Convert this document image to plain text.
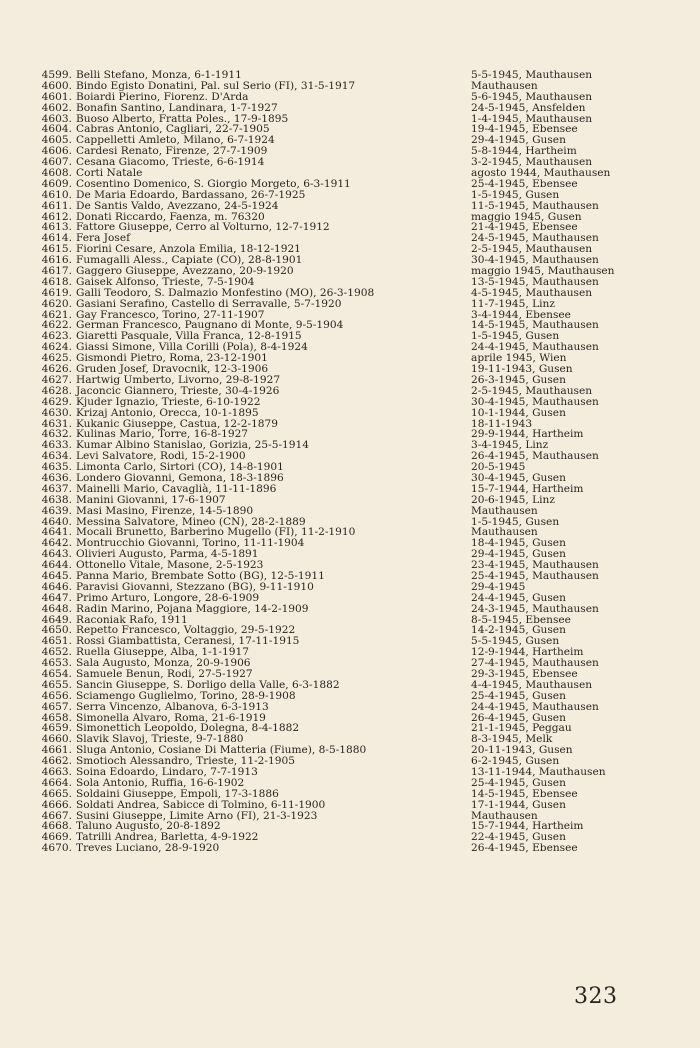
4599. Belli Stefano, Monza, 6-1-1911	5-5-1945, Mauthausen
4600. Bindo Egisto Donatini, Pal. sul Serio (FI), 31-5-1917	Mauthausen
4601. Boiardi Pierino, Fiorenz. D'Arda	5-6-1945, Mauthausen
4602. Bonafin Santino, Landinara, 1-7-1927	24-5-1945, Ansfelden
4603. Buoso Alberto, Fratta Poles., 17-9-1895	1-4-1945, Mauthausen
4604. Cabras Antonio, Cagliari, 22-7-1905	19-4-1945, Ebensee
4605. Cappelletti Amleto, Milano, 6-7-1924	29-4-1945, Gusen
4606. Cardesi Renato, Firenze, 27-7-1909	5-8-1944, Hartheim
4607. Cesana Giacomo, Trieste, 6-6-1914	3-2-1945, Mauthausen
4608. Corti Natale	agosto 1944, Mauthausen
4609. Cosentino Domenico, S. Giorgio Morgeto, 6-3-1911	25-4-1945, Ebensee
4610. De Maria Edoardo, Bardassano, 26-7-1925	1-5-1945, Gusen
4611. De Santis Valdo, Avezzano, 24-5-1924	11-5-1945, Mauthausen
4612. Donati Riccardo, Faenza, m. 76320	maggio 1945, Gusen
4613. Fattore Giuseppe, Cerro al Volturno, 12-7-1912	21-4-1945, Ebensee
4614. Fera Josef	24-5-1945, Mauthausen
4615. Fiorini Cesare, Anzola Emilia, 18-12-1921	2-5-1945, Mauthausen
4616. Fumagalli Aless., Capiate (CO), 28-8-1901	30-4-1945, Mauthausen
4617. Gaggero Giuseppe, Avezzano, 20-9-1920	maggio 1945, Mauthausen
4618. Gaisek Alfonso, Trieste, 7-5-1904	13-5-1945, Mauthausen
4619. Galli Teodoro, S. Dalmazio Monfestino (MO), 26-3-1908	4-5-1945, Mauthausen
4620. Gasiani Serafino, Castello di Serravalle, 5-7-1920	11-7-1945, Linz
4621. Gay Francesco, Torino, 27-11-1907	3-4-1944, Ebensee
4622. German Francesco, Paugnano di Monte, 9-5-1904	14-5-1945, Mauthausen
4623. Giaretti Pasquale, Villa Franca, 12-8-1915	1-5-1945, Gusen
4624. Giassi Simone, Villa Corilli (Pola), 8-4-1924	24-4-1945, Mauthausen
4625. Gismondi Pietro, Roma, 23-12-1901	aprile 1945, Wien
4626. Gruden Josef, Dravocnik, 12-3-1906	19-11-1943, Gusen
4627. Hartwig Umberto, Livorno, 29-8-1927	26-3-1945, Gusen
4628. Jaconcic Giannero, Trieste, 30-4-1926	2-5-1945, Mauthausen
4629. Kjuder Ignazio, Trieste, 6-10-1922	30-4-1945, Mauthausen
4630. Krizaj Antonio, Orecca, 10-1-1895	10-1-1944, Gusen
4631. Kukanic Giuseppe, Castua, 12-2-1879	18-11-1943
4632. Kulinas Mario, Torre, 16-8-1927	29-9-1944, Hartheim
4633. Kumar Albino Stanislao, Gorizia, 25-5-1914	3-4-1945, Linz
4634. Levi Salvatore, Rodi, 15-2-1900	26-4-1945, Mauthausen
4635. Limonta Carlo, Sirtori (CO), 14-8-1901	20-5-1945
4636. Londero Giovanni, Gemona, 18-3-1896	30-4-1945, Gusen
4637. Mainelli Mario, Cavaglià, 11-11-1896	15-7-1944, Hartheim
4638. Manini Giovanni, 17-6-1907	20-6-1945, Linz
4639. Masi Masino, Firenze, 14-5-1890	Mauthausen
4640. Messina Salvatore, Mineo (CN), 28-2-1889	1-5-1945, Gusen
4641. Mocali Brunetto, Barberino Mugello (FI), 11-2-1910	Mauthausen
4642. Montrucchio Giovanni, Torino, 11-11-1904	18-4-1945, Gusen
4643. Olivieri Augusto, Parma, 4-5-1891	29-4-1945, Gusen
4644. Ottonello Vitale, Masone, 2-5-1923	23-4-1945, Mauthausen
4645. Panna Mario, Brembate Sotto (BG), 12-5-1911	25-4-1945, Mauthausen
4646. Paravisi Giovanni, Stezzano (BG), 9-11-1910	29-4-1945
4647. Primo Arturo, Longore, 28-6-1909	24-4-1945, Gusen
4648. Radin Marino, Pojana Maggiore, 14-2-1909	24-3-1945, Mauthausen
4649. Raconiak Rafo, 1911	8-5-1945, Ebensee
4650. Repetto Francesco, Voltaggio, 29-5-1922	14-2-1945, Gusen
4651. Rossi Giambattista, Ceranesi, 17-11-1915	5-5-1945, Gusen
4652. Ruella Giuseppe, Alba, 1-1-1917	12-9-1944, Hartheim
4653. Sala Augusto, Monza, 20-9-1906	27-4-1945, Mauthausen
4654. Samuele Benun, Rodi, 27-5-1927	29-3-1945, Ebensee
4655. Sancin Giuseppe, S. Dorligo della Valle, 6-3-1882	4-4-1945, Mauthausen
4656. Sciamengo Guglielmo, Torino, 28-9-1908	25-4-1945, Gusen
4657. Serra Vincenzo, Albanova, 6-3-1913	24-4-1945, Mauthausen
4658. Simonella Alvaro, Roma, 21-6-1919	26-4-1945, Gusen
4659. Simonettich Leopoldo, Dolegna, 8-4-1882	21-1-1945, Peggau
4660. Slavik Slavoj, Trieste, 9-7-1880	8-3-1945, Melk
4661. Sluga Antonio, Cosiane Di Matteria (Fiume), 8-5-1880	20-11-1943, Gusen
4662. Smotioch Alessandro, Trieste, 11-2-1905	6-2-1945, Gusen
4663. Soina Edoardo, Lindaro, 7-7-1913	13-11-1944, Mauthausen
4664. Sola Antonio, Ruffia, 16-6-1902	25-4-1945, Gusen
4665. Soldaini Giuseppe, Empoli, 17-3-1886	14-5-1945, Ebensee
4666. Soldati Andrea, Sabicce di Tolmino, 6-11-1900	17-1-1944, Gusen
4667. Susini Giuseppe, Limite Arno (FI), 21-3-1923	Mauthausen
4668. Taluno Augusto, 20-8-1892	15-7-1944, Hartheim
4669. Tatrilli Andrea, Barletta, 4-9-1922	22-4-1945, Gusen
4670. Treves Luciano, 28-9-1920	26-4-1945, Ebensee
323
